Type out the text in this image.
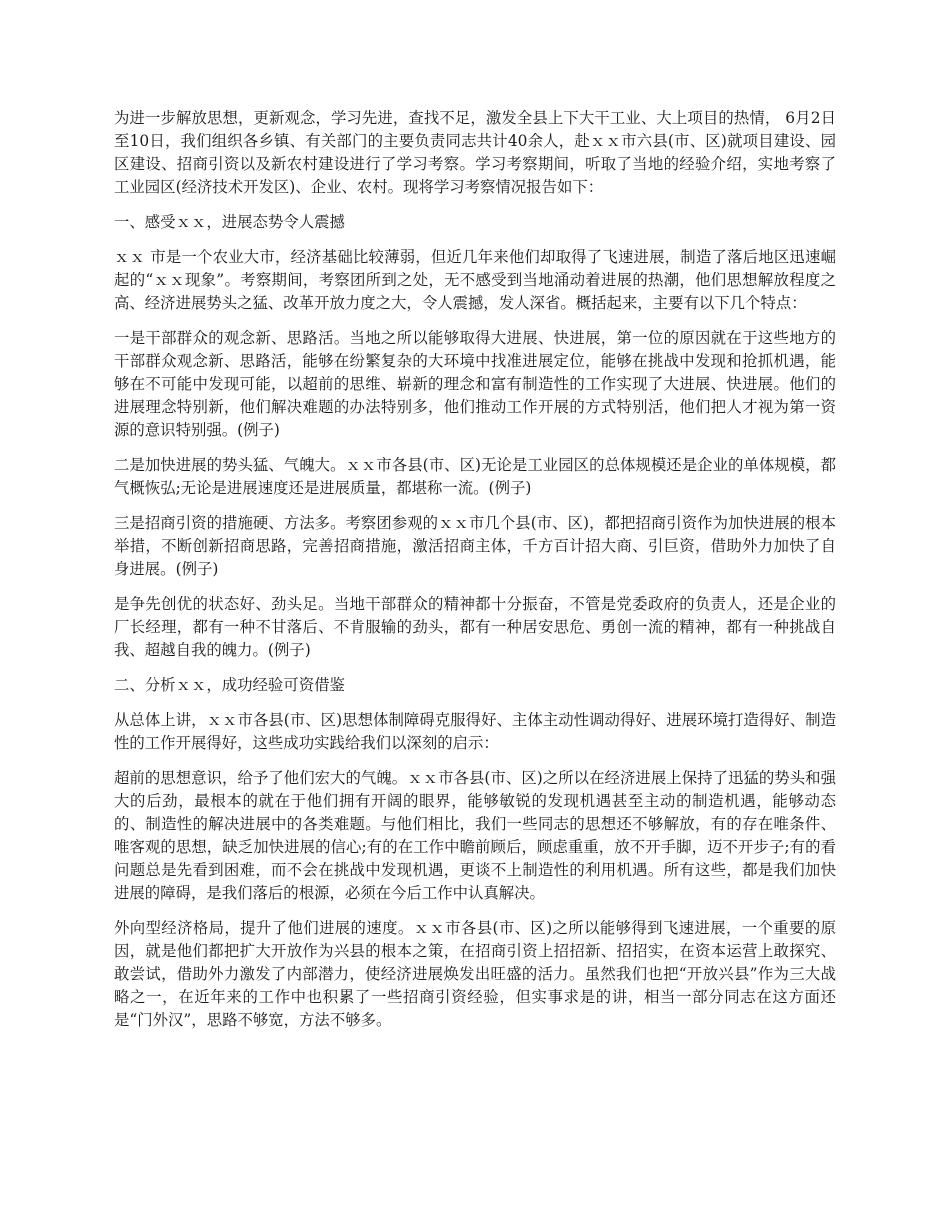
为进一步解放思想，更新观念，学习先进，查找不足，激发全县上下大干工业、大上项目的热情， 6月2日至10日，我们组织各乡镇、有关部门的主要负责同志共计40余人，赴ｘｘ市六县(市、区)就项目建设、园区建设、招商引资以及新农村建设进行了学习考察。学习考察期间，听取了当地的经验介绍，实地考察了工业园区(经济技术开发区)、企业、农村。现将学习考察情况报告如下：

一、感受ｘｘ，进展态势令人震撼

ｘｘ 市是一个农业大市，经济基础比较薄弱，但近几年来他们却取得了飞速进展，制造了落后地区迅速崛起的“ｘｘ现象”。考察期间，考察团所到之处，无不感受到当地涌动着进展的热潮，他们思想解放程度之高、经济进展势头之猛、改革开放力度之大，令人震撼，发人深省。概括起来，主要有以下几个特点：

一是干部群众的观念新、思路活。当地之所以能够取得大进展、快进展，第一位的原因就在于这些地方的干部群众观念新、思路活，能够在纷繁复杂的大环境中找准进展定位，能够在挑战中发现和抢抓机遇，能够在不可能中发现可能，以超前的思维、崭新的理念和富有制造性的工作实现了大进展、快进展。他们的进展理念特别新，他们解决难题的办法特别多，他们推动工作开展的方式特别活，他们把人才视为第一资源的意识特别强。(例子)

二是加快进展的势头猛、气魄大。ｘｘ市各县(市、区)无论是工业园区的总体规模还是企业的单体规模，都气概恢弘;无论是进展速度还是进展质量，都堪称一流。(例子)

三是招商引资的措施硬、方法多。考察团参观的ｘｘ市几个县(市、区)，都把招商引资作为加快进展的根本举措，不断创新招商思路，完善招商措施，激活招商主体，千方百计招大商、引巨资，借助外力加快了自身进展。(例子)

是争先创优的状态好、劲头足。当地干部群众的精神都十分振奋，不管是党委政府的负责人，还是企业的厂长经理，都有一种不甘落后、不肯服输的劲头，都有一种居安思危、勇创一流的精神，都有一种挑战自我、超越自我的魄力。(例子)

二、分析ｘｘ，成功经验可资借鉴

从总体上讲，ｘｘ市各县(市、区)思想体制障碍克服得好、主体主动性调动得好、进展环境打造得好、制造性的工作开展得好，这些成功实践给我们以深刻的启示：

超前的思想意识，给予了他们宏大的气魄。ｘｘ市各县(市、区)之所以在经济进展上保持了迅猛的势头和强大的后劲，最根本的就在于他们拥有开阔的眼界，能够敏锐的发现机遇甚至主动的制造机遇，能够动态的、制造性的解决进展中的各类难题。与他们相比，我们一些同志的思想还不够解放，有的存在唯条件、唯客观的思想，缺乏加快进展的信心;有的在工作中瞻前顾后，顾虑重重，放不开手脚，迈不开步子;有的看问题总是先看到困难，而不会在挑战中发现机遇，更谈不上制造性的利用机遇。所有这些，都是我们加快进展的障碍，是我们落后的根源，必须在今后工作中认真解决。

外向型经济格局，提升了他们进展的速度。ｘｘ市各县(市、区)之所以能够得到飞速进展，一个重要的原因，就是他们都把扩大开放作为兴县的根本之策，在招商引资上招招新、招招实，在资本运营上敢探究、敢尝试，借助外力激发了内部潜力，使经济进展焕发出旺盛的活力。虽然我们也把“开放兴县”作为三大战略之一，在近年来的工作中也积累了一些招商引资经验，但实事求是的讲，相当一部分同志在这方面还是“门外汉”，思路不够宽，方法不够多。
